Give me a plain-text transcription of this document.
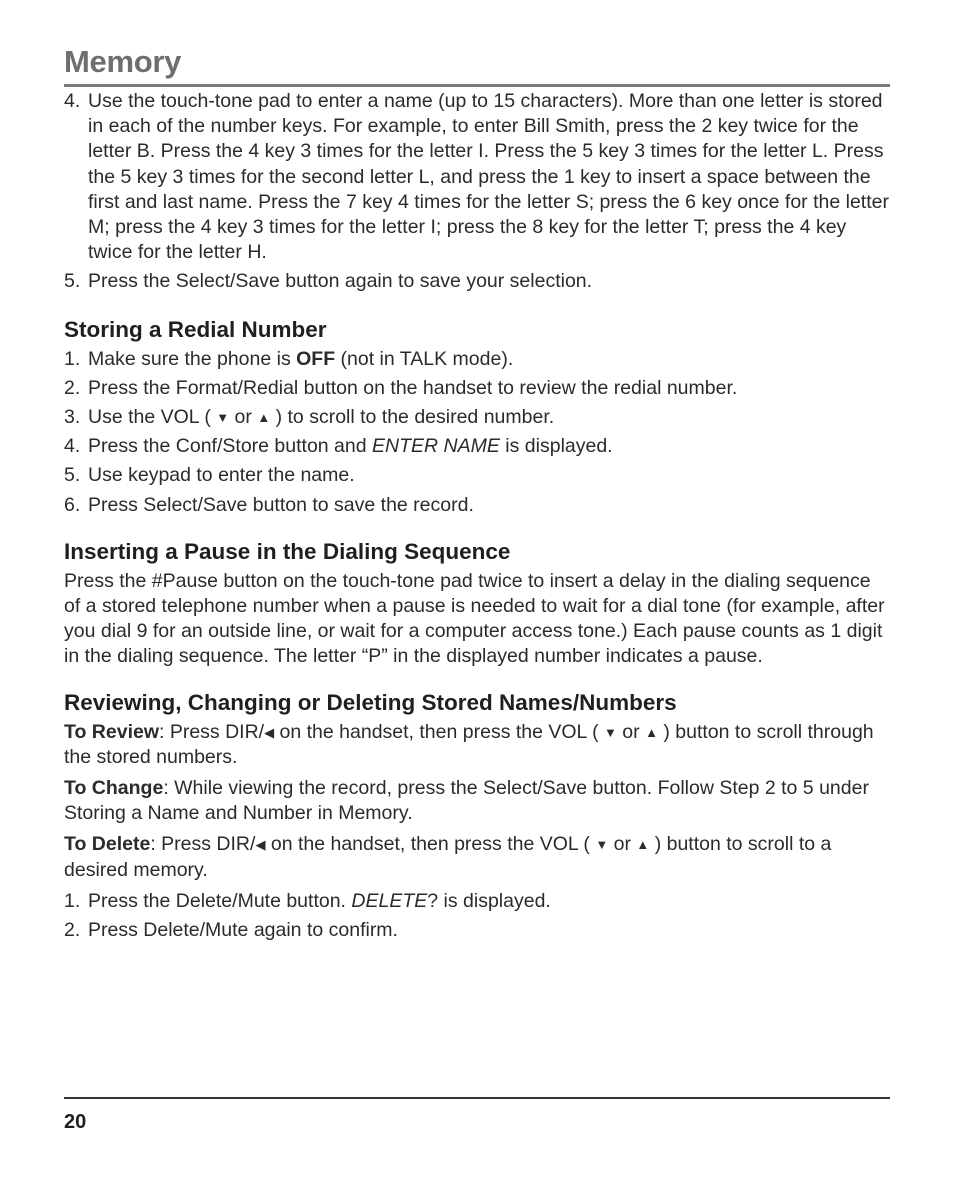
Memory
4. Use the touch-tone pad to enter a name (up to 15 characters). More than one letter is stored in each of the number keys. For example, to enter Bill Smith, press the 2 key twice for the letter B. Press the 4 key 3 times for the letter I. Press the 5 key 3 times for the letter L. Press the 5 key 3 times for the second letter L, and press the 1 key to insert a space between the first and last name. Press the 7 key 4 times for the letter S; press the 6 key once for the letter M; press the 4 key 3 times for the letter I; press the 8 key for the letter T; press the 4 key twice for the letter H.
5. Press the Select/Save button again to save your selection.
Storing a Redial Number
1. Make sure the phone is OFF (not in TALK mode).
2. Press the Format/Redial button on the handset to review the redial number.
3. Use the VOL ( ▼ or ▲ ) to scroll to the desired number.
4. Press the Conf/Store button and ENTER NAME is displayed.
5. Use keypad to enter the name.
6. Press Select/Save button to save the record.
Inserting a Pause in the Dialing Sequence

Press the #Pause button on the touch-tone pad twice to insert a delay in the dialing sequence of a stored telephone number when a pause is needed to wait for a dial tone (for example, after you dial 9 for an outside line, or wait for a computer access tone.) Each pause counts as 1 digit in the dialing sequence. The letter “P” in the displayed number indicates a pause.

Reviewing, Changing or Deleting Stored Names/Numbers

To Review: Press DIR/◀ on the handset, then press the VOL ( ▼ or ▲ ) button to scroll through the stored numbers.

To Change: While viewing the record, press the Select/Save button. Follow Step 2 to 5 under Storing a Name and Number in Memory.

To Delete: Press DIR/◀ on the handset, then press the VOL ( ▼ or ▲ ) button to scroll to a desired memory.

1. Press the Delete/Mute button. DELETE? is displayed.
2. Press Delete/Mute again to confirm.
20
